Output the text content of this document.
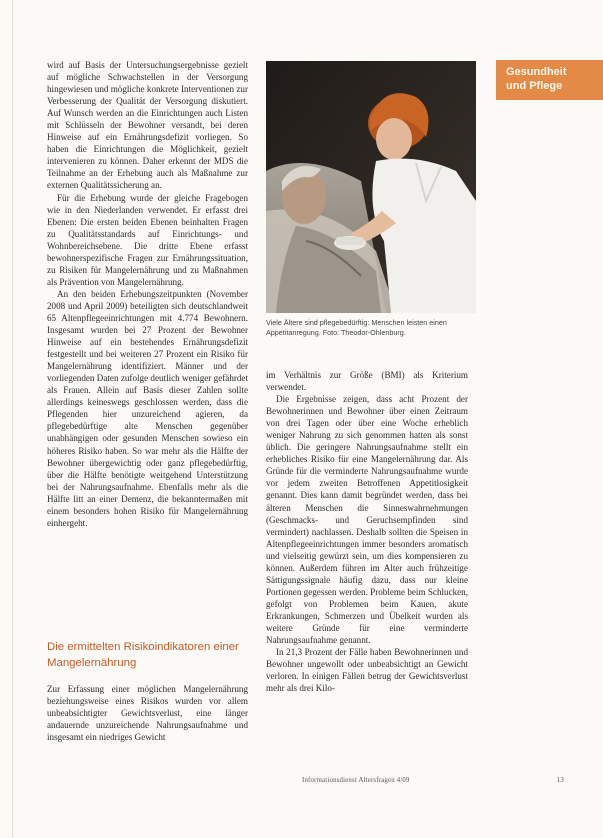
Gesundheit
und Pflege

wird auf Basis der Untersuchungsergebnisse gezielt auf mögliche Schwachstellen in der Versorgung hingewiesen und mögliche konkrete Interventionen zur Verbesserung der Qualität der Versorgung diskutiert. Auf Wunsch werden an die Einrichtungen auch Listen mit Schlüsseln der Bewohner versandt, bei deren Hinweise auf ein Ernährungsdefizit vorliegen. So haben die Einrichtungen die Möglichkeit, gezielt intervenieren zu können. Daher erkennt der MDS die Teilnahme an der Erhebung auch als Maßnahme zur externen Qualitätssicherung an.

Für die Erhebung wurde der gleiche Fragebogen wie in den Niederlanden verwendet. Er erfasst drei Ebenen: Die ersten beiden Ebenen beinhalten Fragen zu Qualitätsstandards auf Einrichtungs- und Wohnbereichsebene. Die dritte Ebene erfasst bewohnerspezifische Fragen zur Ernährungssituation, zu Risiken für Mangelernährung und zu Maßnahmen als Prävention von Mangelernährung.

An den beiden Erhebungszeitpunkten (November 2008 und April 2009) beteiligten sich deutschlandweit 65 Altenpflegeeinrichtungen mit 4.774 Bewohnern. Insgesamt wurden bei 27 Prozent der Bewohner Hinweise auf ein bestehendes Ernährungsdefizit festgestellt und bei weiteren 27 Prozent ein Risiko für Mangelernährung identifiziert. Männer und der vorliegenden Daten zufolge deutlich weniger gefährdet als Frauen. Allein auf Basis dieser Zahlen sollte allerdings keineswegs geschlossen werden, dass die Pflegenden hier unzureichend agieren, da pflegebedürftige alte Menschen gegenüber unabhängigen oder gesunden Menschen sowieso ein höheres Risiko haben. So war mehr als die Hälfte der Bewohner übergewichtig oder ganz pflegebedürftig, über die Hälfte benötigte weitgehend Unterstützung bei der Nahrungsaufnahme. Ebenfalls mehr als die Hälfte litt an einer Demenz, die bekanntermaßen mit einem besonders hohen Risiko für Mangelernährung einhergeht.

Die ermittelten Risikoindikatoren einer Mangelernährung

Zur Erfassung einer möglichen Mangelernährung beziehungsweise eines Risikos wurden vor allem unbeabsichtigter Gewichtsverlust, eine länger andauernde unzureichende Nahrungsaufnahme und insgesamt ein niedriges Gewicht

Viele Ältere sind pflegebedürftig: Menschen leisten einen Appetitanregung. Foto: Theodor-Ohlenburg.

im Verhältnis zur Größe (BMI) als Kriterium verwendet.

Die Ergebnisse zeigen, dass acht Prozent der Bewohnerinnen und Bewohner über einen Zeitraum von drei Tagen oder über eine Woche erheblich weniger Nahrung zu sich genommen hatten als sonst üblich. Die geringere Nahrungsaufnahme stellt ein erhebliches Risiko für eine Mangelernährung dar. Als Gründe für die verminderte Nahrungsaufnahme wurde vor jedem zweiten Betroffenen Appetitlosigkeit genannt. Dies kann damit begründet werden, dass bei älteren Menschen die Sinneswahrnehmungen (Geschmacks- und Geruchsempfinden sind vermindert) nachlassen. Deshalb sollten die Speisen in Altenpflegeeinrichtungen immer besonders aromatisch und vielseitig gewürzt sein, um dies kompensieren zu können. Außerdem führen im Alter auch frühzeitige Sättigungssignale häufig dazu, dass nur kleine Portionen gegessen werden. Probleme beim Schlucken, gefolgt von Problemen beim Kauen, akute Erkrankungen, Schmerzen und Übelkeit wurden als weitere Gründe für eine verminderte Nahrungsaufnahme genannt.

In 21,3 Prozent der Fälle haben Bewohnerinnen und Bewohner ungewollt oder unbeabsichtigt an Gewicht verloren. In einigen Fällen betrug der Gewichtsverlust mehr als drei Kilo-

Informationsdienst Altersfragen 4/09	13
